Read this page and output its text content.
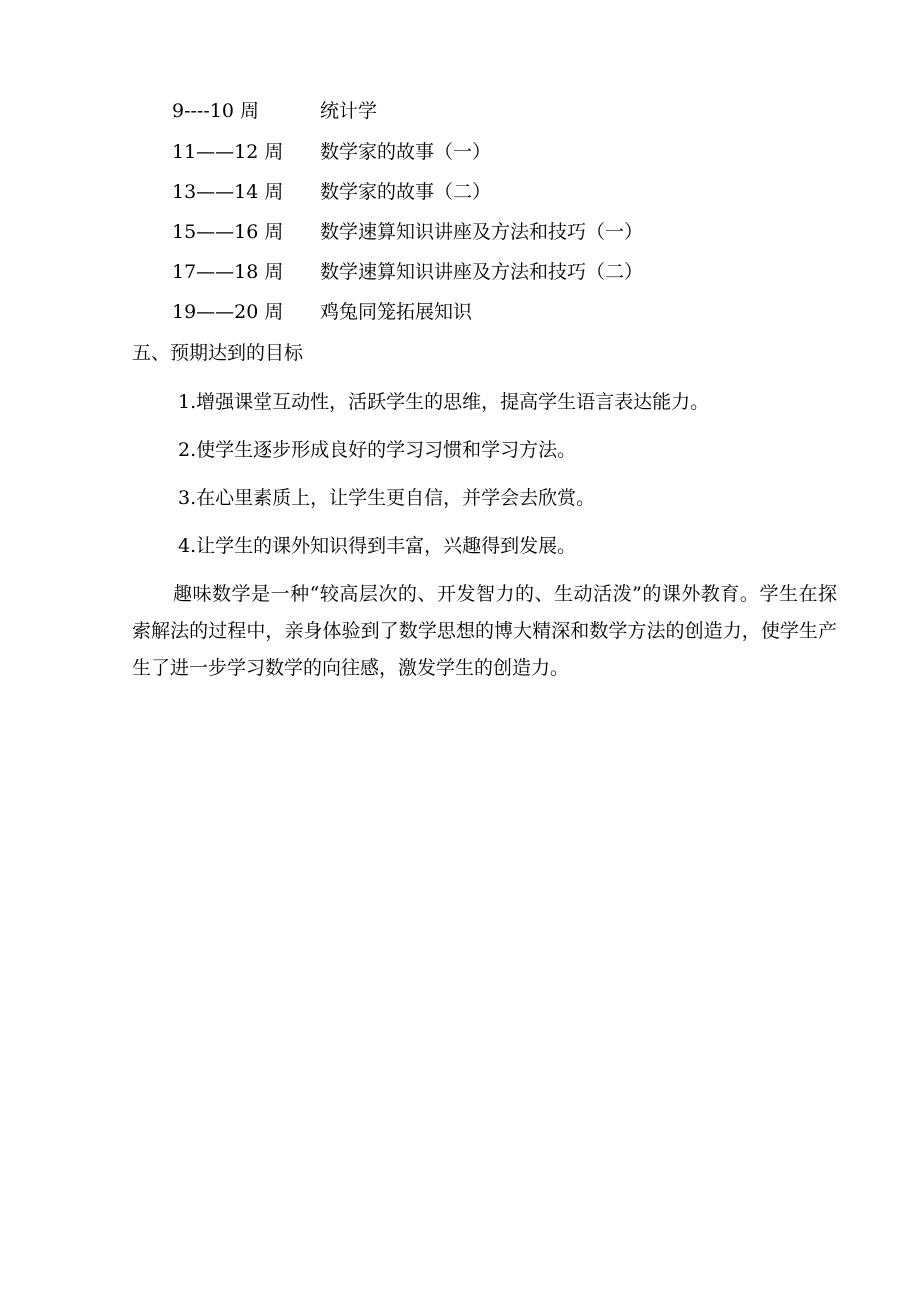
9----10 周	统计学
11——12 周 数学家的故事（一）
13——14 周 数学家的故事（二）
15——16 周 数学速算知识讲座及方法和技巧（一）
17——18 周 数学速算知识讲座及方法和技巧（二）
19——20 周 鸡兔同笼拓展知识
五、预期达到的目标
1.增强课堂互动性，活跃学生的思维，提高学生语言表达能力。
2.使学生逐步形成良好的学习习惯和学习方法。
3.在心里素质上，让学生更自信，并学会去欣赏。
4.让学生的课外知识得到丰富，兴趣得到发展。

趣味数学是一种“较高层次的、开发智力的、生动活泼”的课外教育。学生在探索解法的过程中，亲身体验到了数学思想的博大精深和数学方法的创造力，使学生产生了进一步学习数学的向往感，激发学生的创造力。
